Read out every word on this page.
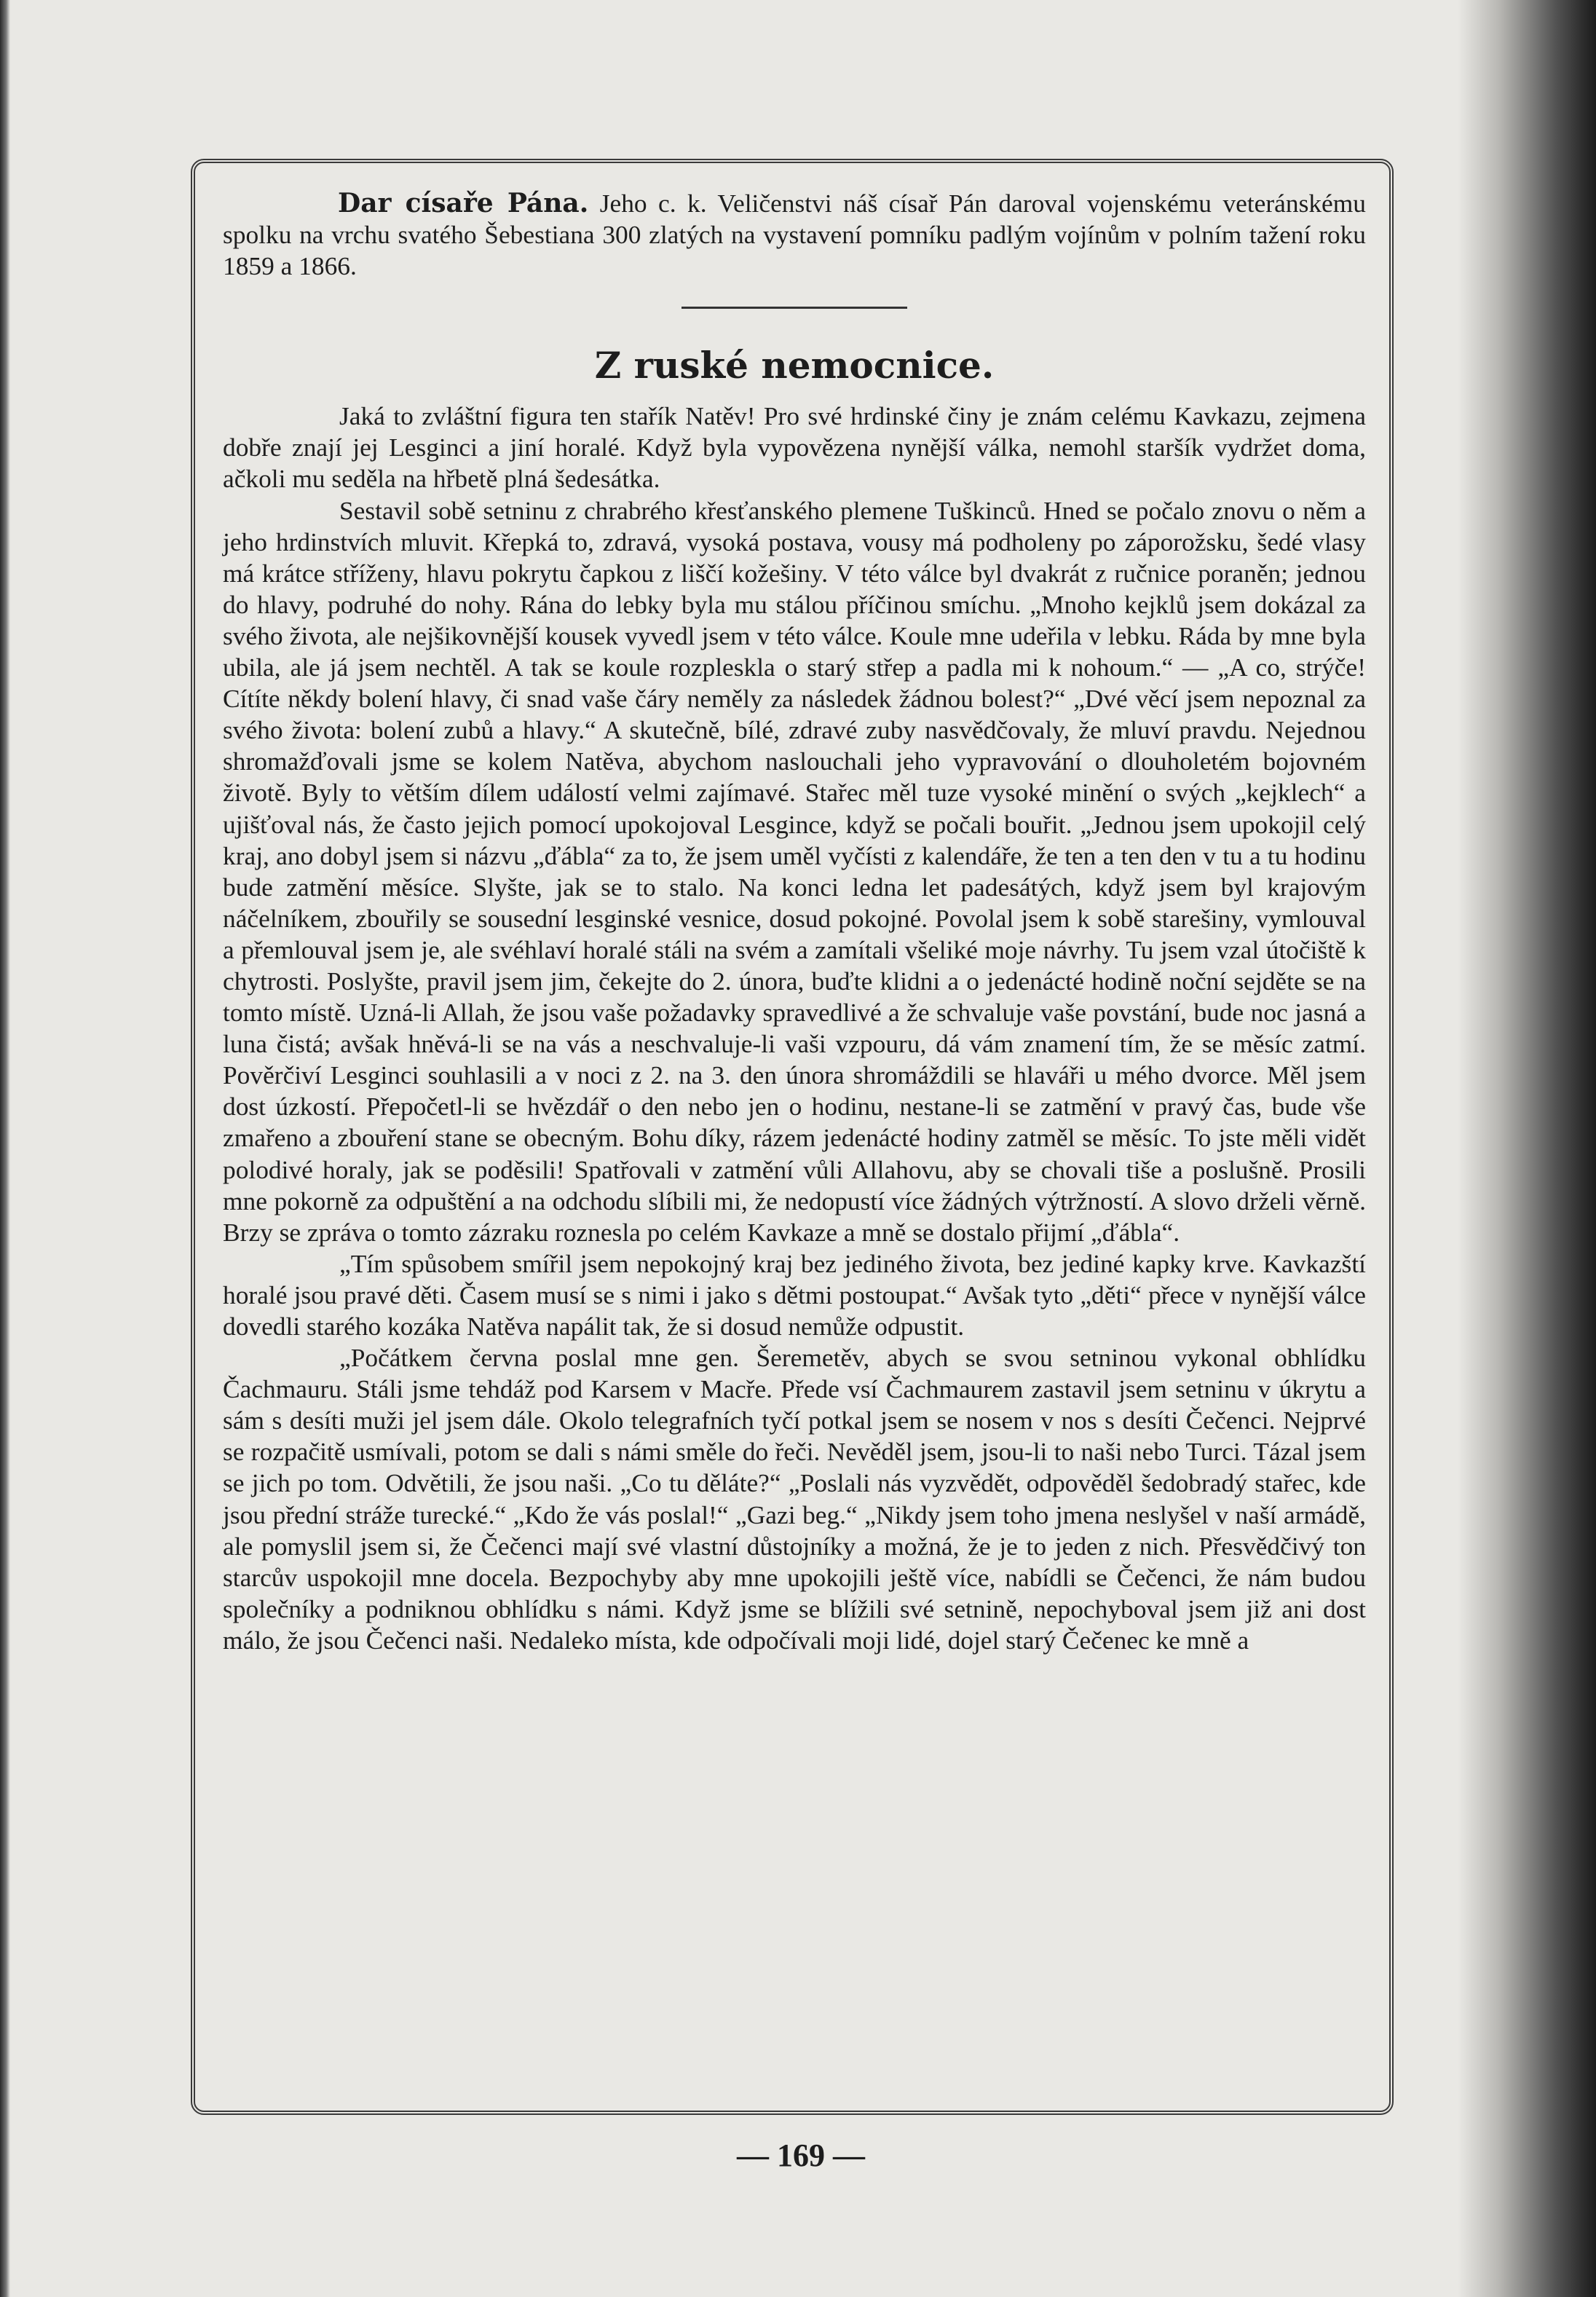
Dar císaře Pána. Jeho c. k. Veličenstvi náš císař Pán daroval vojenskému veteránskému spolku na vrchu svatého Šebestiana 300 zlatých na vystavení pomníku padlým vojínům v polním tažení roku 1859 a 1866.

Z ruské nemocnice.

Jaká to zvláštní figura ten stařík Natěv! Pro své hrdinské činy je znám celému Kavkazu, zejmena dobře znají jej Lesginci a jiní horalé. Když byla vypovězena nynější válka, nemohl staršík vydržet doma, ačkoli mu seděla na hřbetě plná šedesátka.

Sestavil sobě setninu z chrabrého křesťanského plemene Tuškinců. Hned se počalo znovu o něm a jeho hrdinstvích mluvit. Křepká to, zdravá, vysoká postava, vousy má podholeny po záporožsku, šedé vlasy má krátce stříženy, hlavu pokrytu čapkou z liščí kožešiny. V této válce byl dvakrát z ručnice poraněn; jednou do hlavy, podruhé do nohy. Rána do lebky byla mu stálou příčinou smíchu. „Mnoho kejklů jsem dokázal za svého života, ale nejšikovnější kousek vyvedl jsem v této válce. Koule mne udeřila v lebku. Ráda by mne byla ubila, ale já jsem nechtěl. A tak se koule rozpleskla o starý střep a padla mi k nohoum.“ — „A co, strýče! Cítíte někdy bolení hlavy, či snad vaše čáry neměly za následek žádnou bolest?“ „Dvé věcí jsem nepoznal za svého života: bolení zubů a hlavy.“ A skutečně, bílé, zdravé zuby nasvědčovaly, že mluví pravdu. Nejednou shromažďovali jsme se kolem Natěva, abychom naslouchali jeho vypravování o dlouholetém bojovném životě. Byly to větším dílem událostí velmi zajímavé. Stařec měl tuze vysoké minění o svých „kejklech“ a ujišťoval nás, že často jejich pomocí upokojoval Lesgince, když se počali bouřit. „Jednou jsem upokojil celý kraj, ano dobyl jsem si názvu „ďábla“ za to, že jsem uměl vyčísti z kalendáře, že ten a ten den v tu a tu hodinu bude zatmění měsíce. Slyšte, jak se to stalo. Na konci ledna let padesátých, když jsem byl krajovým náčelníkem, zbouřily se sousední lesginské vesnice, dosud pokojné. Povolal jsem k sobě starešiny, vymlouval a přemlouval jsem je, ale svéhlaví horalé stáli na svém a zamítali všeliké moje návrhy. Tu jsem vzal útočiště k chytrosti. Poslyšte, pravil jsem jim, čekejte do 2. února, buďte klidni a o jedenácté hodině noční sejděte se na tomto místě. Uzná-li Allah, že jsou vaše požadavky spravedlivé a že schvaluje vaše povstání, bude noc jasná a luna čistá; avšak hněvá-li se na vás a neschvaluje-li vaši vzpouru, dá vám znamení tím, že se měsíc zatmí. Pověrčiví Lesginci souhlasili a v noci z 2. na 3. den února shromáždili se hlaváři u mého dvorce. Měl jsem dost úzkostí. Přepočetl-li se hvězdář o den nebo jen o hodinu, nestane-li se zatmění v pravý čas, bude vše zmařeno a zbouření stane se obecným. Bohu díky, rázem jedenácté hodiny zatměl se měsíc. To jste měli vidět polodivé horaly, jak se poděsili! Spatřovali v zatmění vůli Allahovu, aby se chovali tiše a poslušně. Prosili mne pokorně za odpuštění a na odchodu slíbili mi, že nedopustí více žádných výtržností. A slovo drželi věrně. Brzy se zpráva o tomto zázraku roznesla po celém Kavkaze a mně se dostalo přijmí „ďábla“.

„Tím spůsobem smířil jsem nepokojný kraj bez jediného života, bez jediné kapky krve. Kavkazští horalé jsou pravé děti. Časem musí se s nimi i jako s dětmi postoupat.“ Avšak tyto „děti“ přece v nynější válce dovedli starého kozáka Natěva napálit tak, že si dosud nemůže odpustit.

„Počátkem června poslal mne gen. Šeremetěv, abych se svou setninou vykonal obhlídku Čachmauru. Stáli jsme tehdáž pod Karsem v Macře. Přede vsí Čachmaurem zastavil jsem setninu v úkrytu a sám s desíti muži jel jsem dále. Okolo telegrafních tyčí potkal jsem se nosem v nos s desíti Čečenci. Nejprvé se rozpačitě usmívali, potom se dali s námi směle do řeči. Nevěděl jsem, jsou-li to naši nebo Turci. Tázal jsem se jich po tom. Odvětili, že jsou naši. „Co tu děláte?“ „Poslali nás vyzvědět, odpověděl šedobradý stařec, kde jsou přední stráže turecké.“ „Kdo že vás poslal!“ „Gazi beg.“ „Nikdy jsem toho jmena neslyšel v naší armádě, ale pomyslil jsem si, že Čečenci mají své vlastní důstojníky a možná, že je to jeden z nich. Přesvědčivý ton starcův uspokojil mne docela. Bezpochyby aby mne upokojili ještě více, nabídli se Čečenci, že nám budou společníky a podniknou obhlídku s námi. Když jsme se blížili své setnině, nepochyboval jsem již ani dost málo, že jsou Čečenci naši. Nedaleko místa, kde odpočívali moji lidé, dojel starý Čečenec ke mně a

— 169 —
